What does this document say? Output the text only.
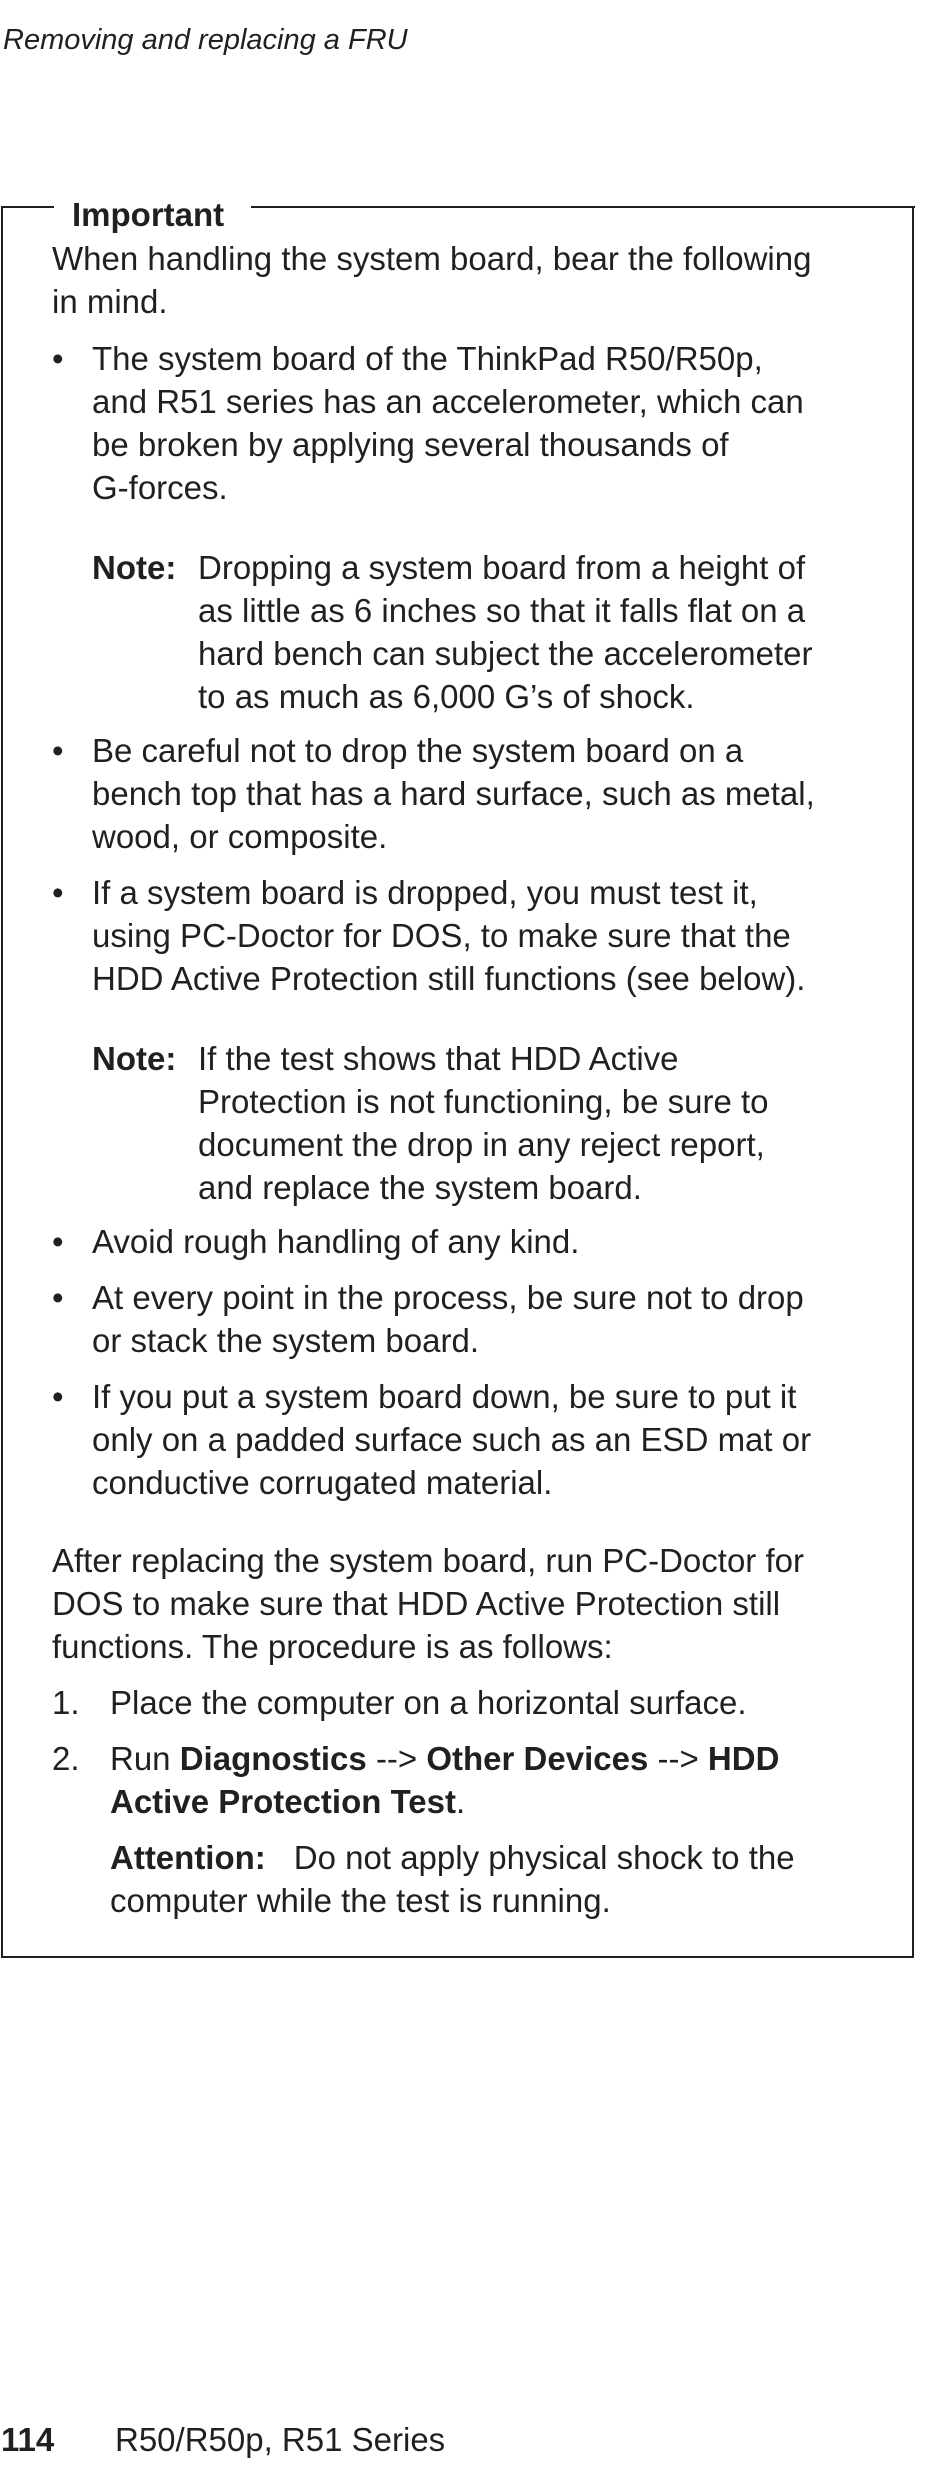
Removing and replacing a FRU
Important
When handling the system board, bear the following
in mind.
• The system board of the ThinkPad R50/R50p,
and R51 series has an accelerometer, which can
be broken by applying several thousands of
G-forces.
Note: Dropping a system board from a height of
as little as 6 inches so that it falls flat on a
hard bench can subject the accelerometer
to as much as 6,000 G’s of shock.
• Be careful not to drop the system board on a
bench top that has a hard surface, such as metal,
wood, or composite.
• If a system board is dropped, you must test it,
using PC-Doctor for DOS, to make sure that the
HDD Active Protection still functions (see below).
Note: If the test shows that HDD Active
Protection is not functioning, be sure to
document the drop in any reject report,
and replace the system board.
• Avoid rough handling of any kind.
• At every point in the process, be sure not to drop
or stack the system board.
• If you put a system board down, be sure to put it
only on a padded surface such as an ESD mat or
conductive corrugated material.
After replacing the system board, run PC-Doctor for
DOS to make sure that HDD Active Protection still
functions. The procedure is as follows:
1. Place the computer on a horizontal surface.
2. Run Diagnostics --> Other Devices --> HDD
Active Protection Test.
Attention: Do not apply physical shock to the
computer while the test is running.
114 R50/R50p, R51 Series
